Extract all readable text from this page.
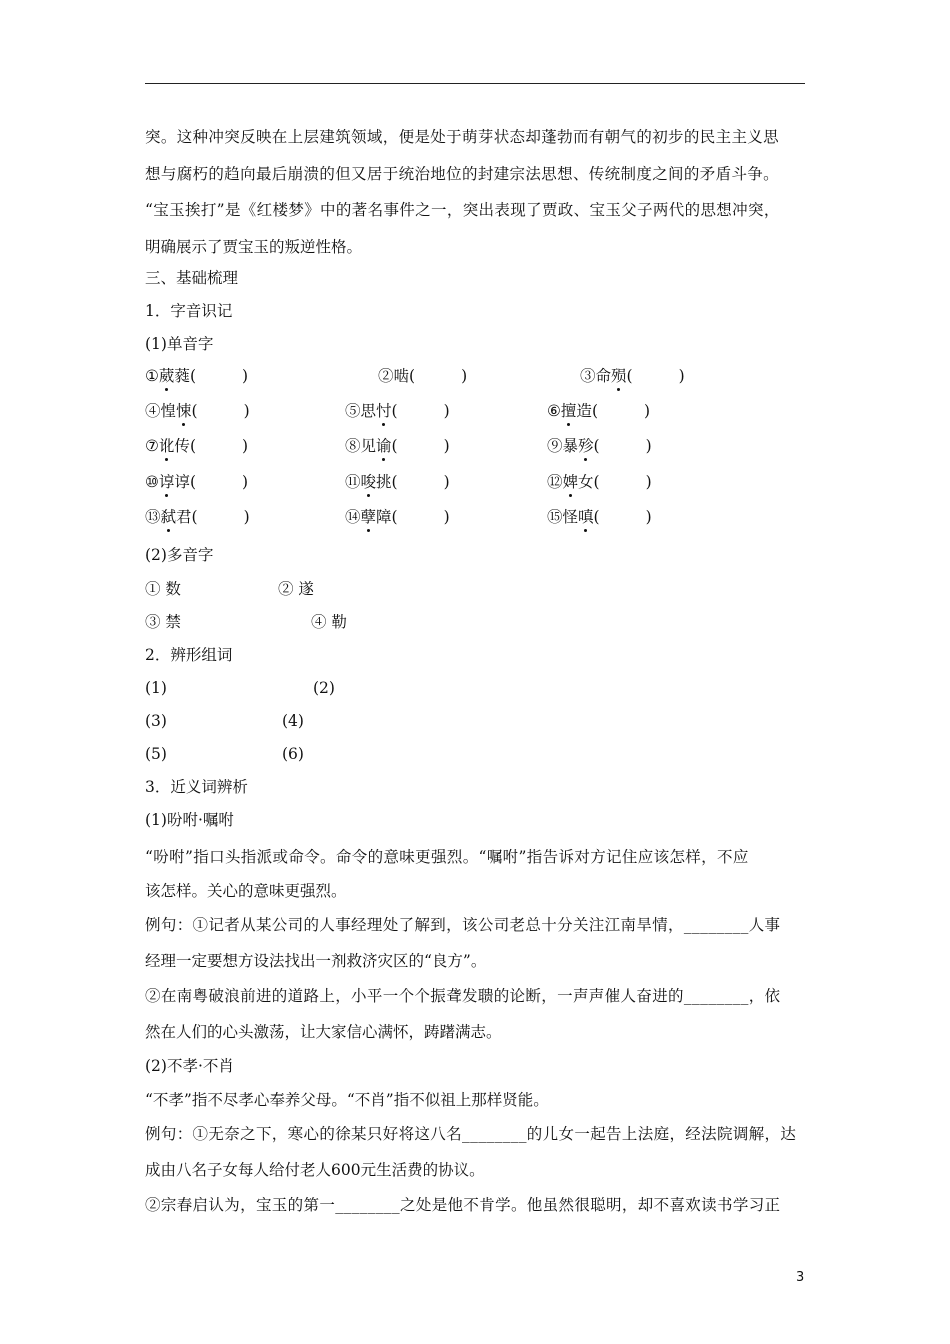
突。这种冲突反映在上层建筑领域，便是处于萌芽状态却蓬勃而有朝气的初步的民主主义思
想与腐朽的趋向最后崩溃的但又居于统治地位的封建宗法思想、传统制度之间的矛盾斗争。
“宝玉挨打”是《红楼梦》中的著名事件之一，突出表现了贾政、宝玉父子两代的思想冲突，
明确展示了贾宝玉的叛逆性格。
三、基础梳理
1．字音识记
(1)单音字
①葳蕤(	)	②啮(	)	③命殒(	)
④惶悚(	)	⑤思忖(	)	⑥擅造(	)
⑦讹传(	)	⑧见谕(	)	⑨暴殄(	)
⑩谆谆(	)	⑪唆挑(	)	⑫婢女(	)
⑬弑君(	)	⑭孽障(	)	⑮怪嗔(	)
(2)多音字
① 数	② 遂
③ 禁	④ 勒
2．辨形组词
(1)	(2)
(3)	(4)
(5)	(6)
3．近义词辨析
(1)吩咐·嘱咐
“吩咐”指口头指派或命令。命令的意味更强烈。“嘱咐”指告诉对方记住应该怎样，不应
该怎样。关心的意味更强烈。
例句：①记者从某公司的人事经理处了解到，该公司老总十分关注江南旱情，________人事
经理一定要想方设法找出一剂救济灾区的“良方”。
②在南粤破浪前进的道路上，小平一个个振聋发聩的论断，一声声催人奋进的________，依
然在人们的心头激荡，让大家信心满怀，踌躇满志。
(2)不孝·不肖
“不孝”指不尽孝心奉养父母。“不肖”指不似祖上那样贤能。
例句：①无奈之下，寒心的徐某只好将这八名________的儿女一起告上法庭，经法院调解，达
成由八名子女每人给付老人600元生活费的协议。
②宗春启认为，宝玉的第一________之处是他不肯学。他虽然很聪明，却不喜欢读书学习正
3
